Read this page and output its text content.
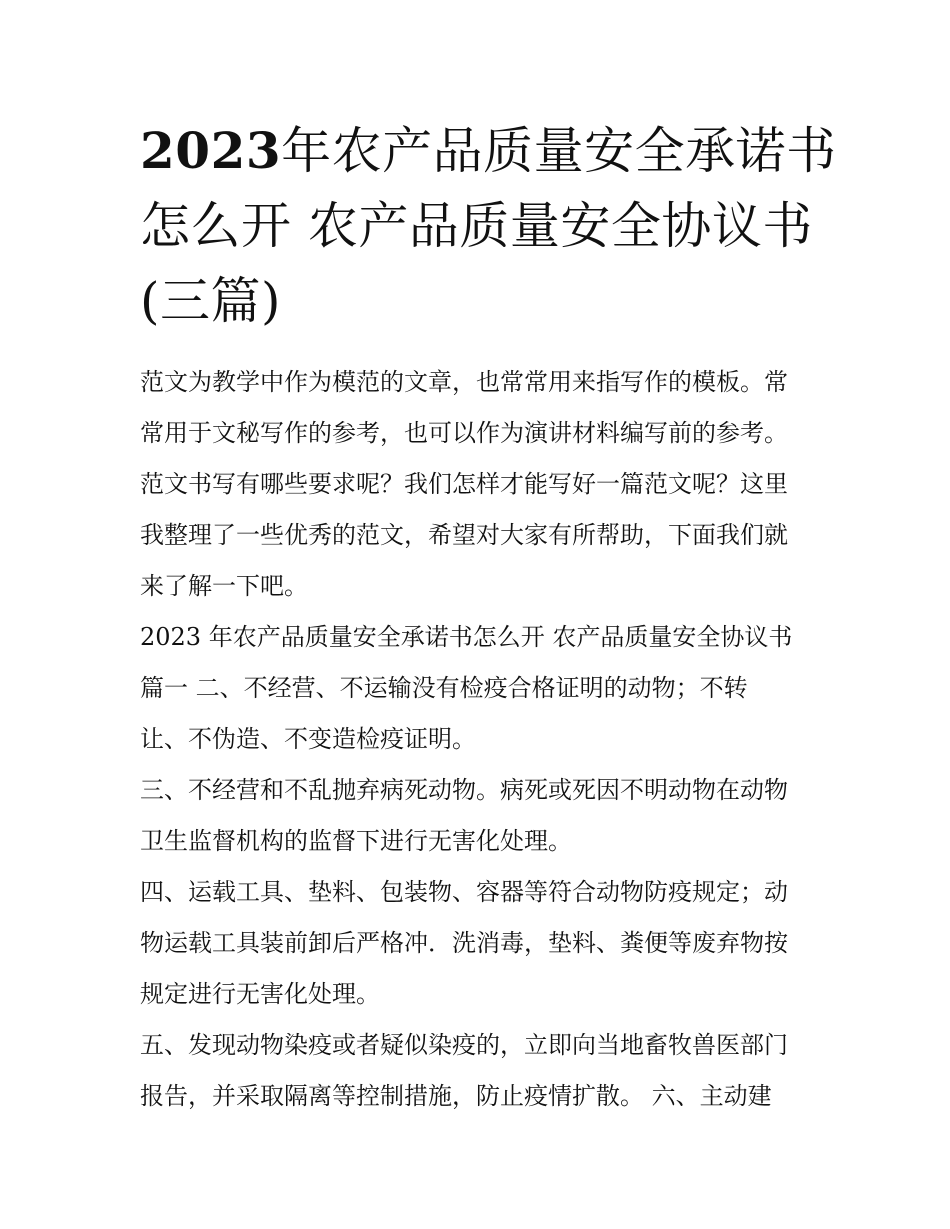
2023年农产品质量安全承诺书
怎么开 农产品质量安全协议书
(三篇)
范文为教学中作为模范的文章，也常常用来指写作的模板。常
常用于文秘写作的参考，也可以作为演讲材料编写前的参考。
范文书写有哪些要求呢？我们怎样才能写好一篇范文呢？这里
我整理了一些优秀的范文，希望对大家有所帮助，下面我们就
来了解一下吧。
2023 年农产品质量安全承诺书怎么开 农产品质量安全协议书
篇一 二、不经营、不运输没有检疫合格证明的动物；不转
让、不伪造、不变造检疫证明。
三、不经营和不乱抛弃病死动物。病死或死因不明动物在动物
卫生监督机构的监督下进行无害化处理。
四、运载工具、垫料、包装物、容器等符合动物防疫规定；动
物运载工具装前卸后严格冲．洗消毒，垫料、粪便等废弃物按
规定进行无害化处理。
五、发现动物染疫或者疑似染疫的，立即向当地畜牧兽医部门
报告，并采取隔离等控制措施，防止疫情扩散。 六、主动建
